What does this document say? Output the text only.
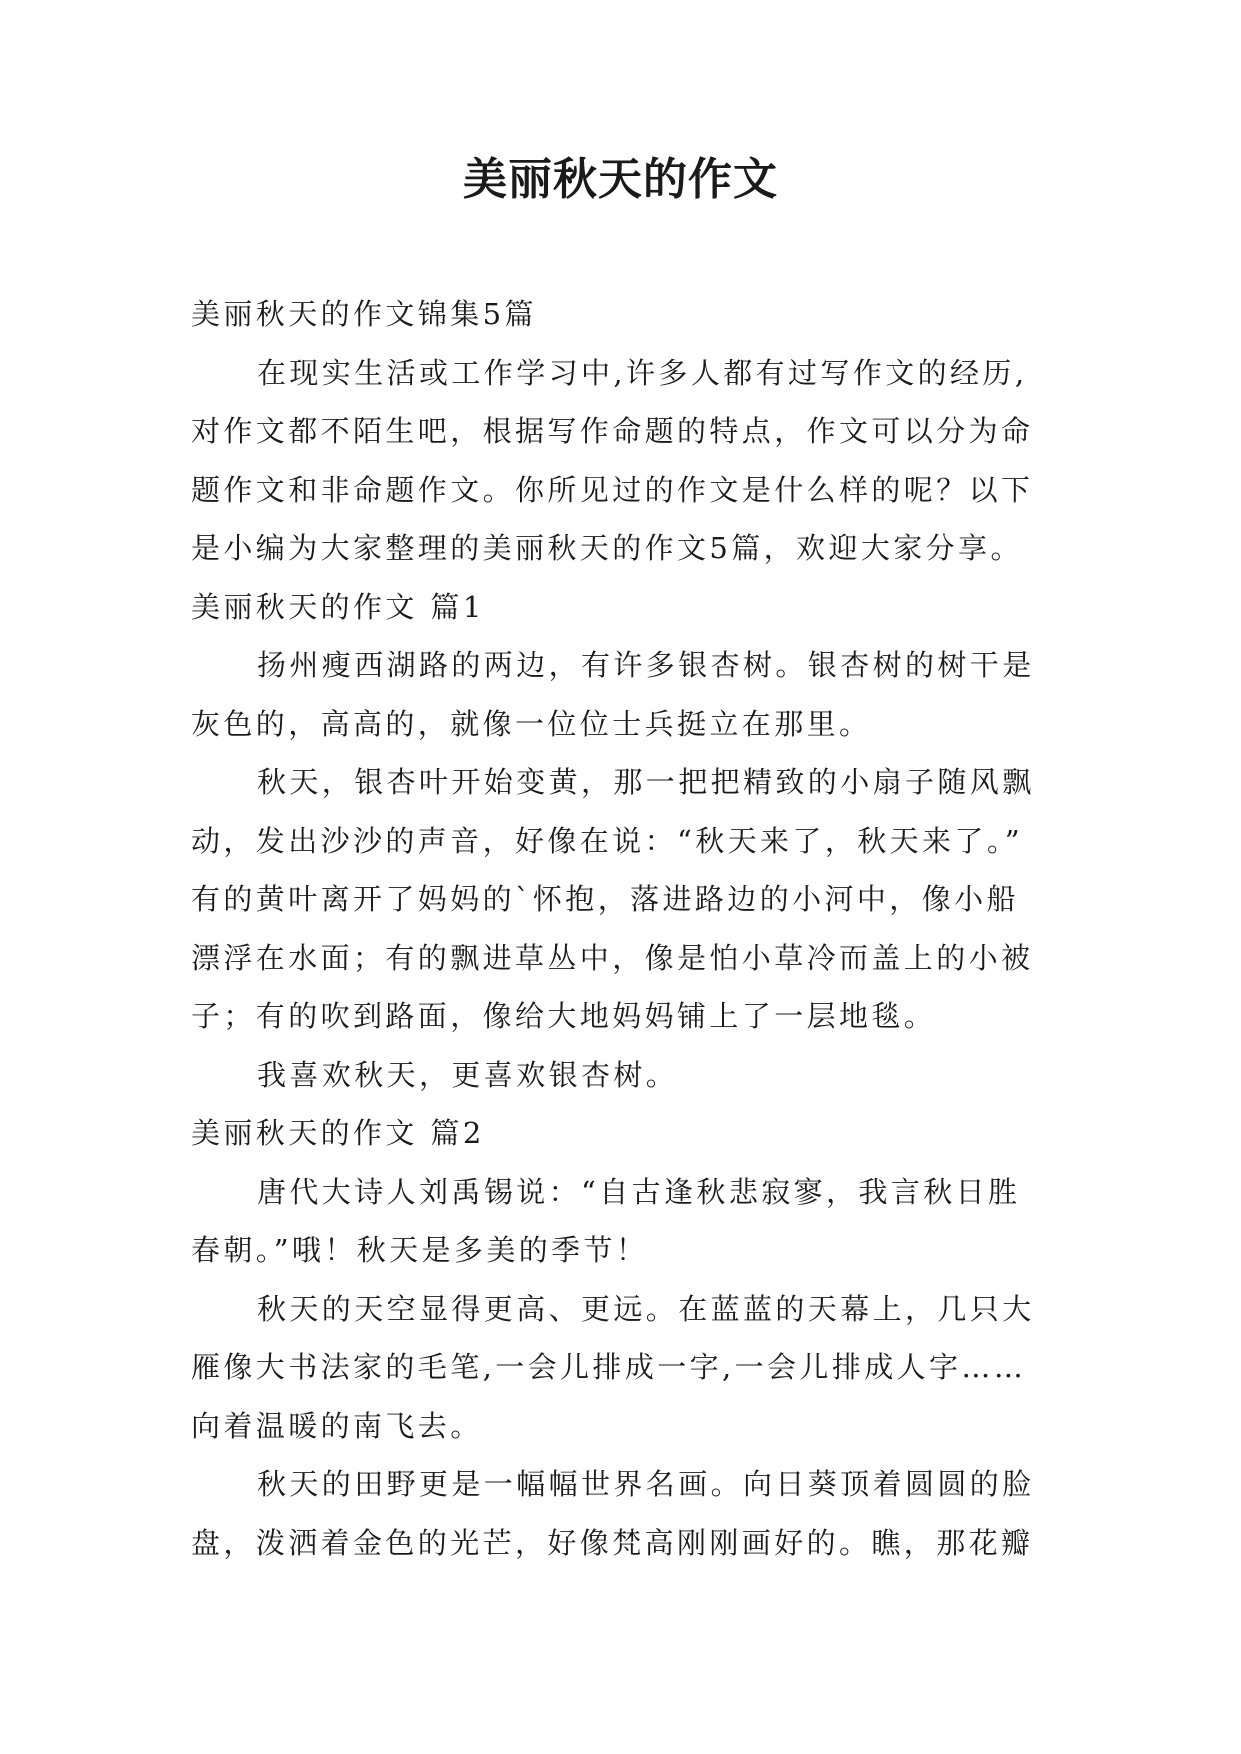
美丽秋天的作文

美丽秋天的作文锦集5篇

在现实生活或工作学习中,许多人都有过写作文的经历,

对作文都不陌生吧，根据写作命题的特点，作文可以分为命

题作文和非命题作文。你所见过的作文是什么样的呢？以下

是小编为大家整理的美丽秋天的作文5篇，欢迎大家分享。

美丽秋天的作文 篇1

扬州瘦西湖路的两边，有许多银杏树。银杏树的树干是

灰色的，高高的，就像一位位士兵挺立在那里。

秋天，银杏叶开始变黄，那一把把精致的小扇子随风飘

动，发出沙沙的声音，好像在说：“秋天来了，秋天来了。”

有的黄叶离开了妈妈的`怀抱，落进路边的小河中，像小船

漂浮在水面；有的飘进草丛中，像是怕小草冷而盖上的小被

子；有的吹到路面，像给大地妈妈铺上了一层地毯。

我喜欢秋天，更喜欢银杏树。

美丽秋天的作文 篇2

唐代大诗人刘禹锡说：“自古逢秋悲寂寥，我言秋日胜

春朝。”哦！秋天是多美的季节！

秋天的天空显得更高、更远。在蓝蓝的天幕上，几只大

雁像大书法家的毛笔,一会儿排成一字,一会儿排成人字……

向着温暖的南飞去。

秋天的田野更是一幅幅世界名画。向日葵顶着圆圆的脸

盘，泼洒着金色的光芒，好像梵高刚刚画好的。瞧，那花瓣
